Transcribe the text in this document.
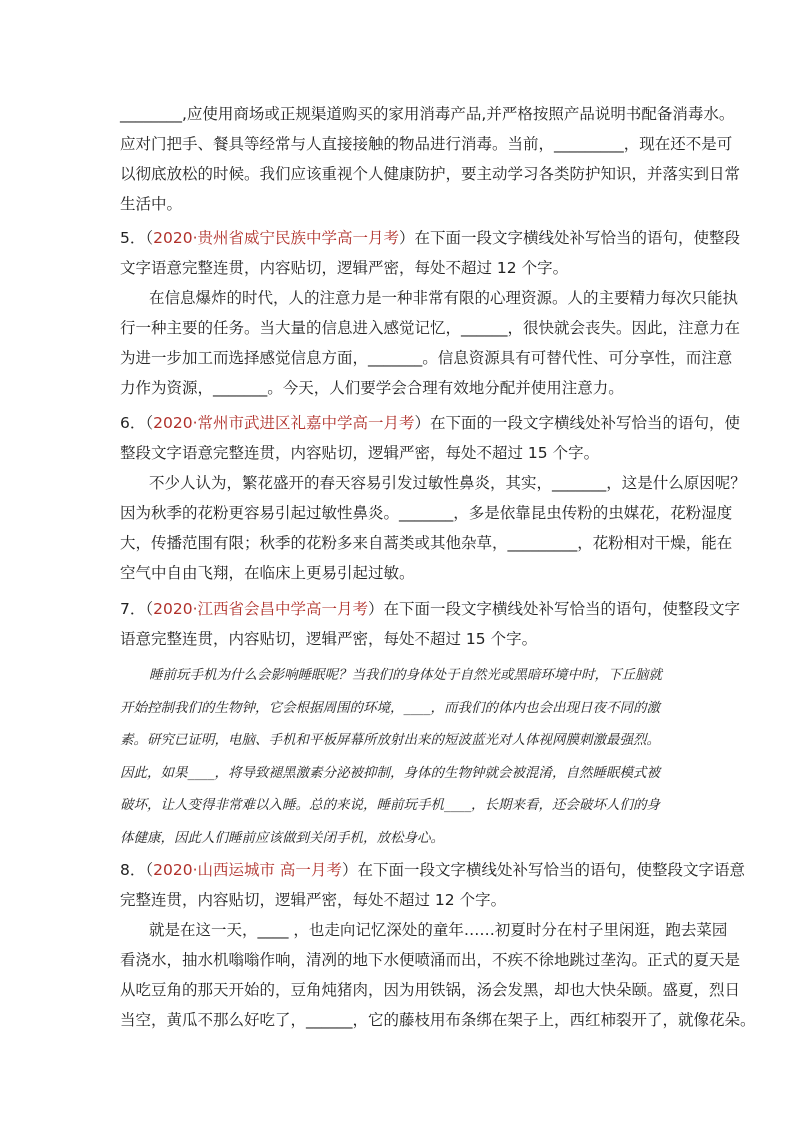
________,应使用商场或正规渠道购买的家用消毒产品,并严格按照产品说明书配备消毒水。
应对门把手、餐具等经常与人直接接触的物品进行消毒。当前，_________，现在还不是可
以彻底放松的时候。我们应该重视个人健康防护，要主动学习各类防护知识，并落实到日常
生活中。
5．（2020·贵州省威宁民族中学高一月考）在下面一段文字横线处补写恰当的语句，使整段
文字语意完整连贯，内容贴切，逻辑严密，每处不超过 12 个字。
在信息爆炸的时代，人的注意力是一种非常有限的心理资源。人的主要精力每次只能执
行一种主要的任务。当大量的信息进入感觉记忆，______，很快就会丧失。因此，注意力在
为进一步加工而选择感觉信息方面，_______。信息资源具有可替代性、可分享性，而注意
力作为资源，_______。今天，人们要学会合理有效地分配并使用注意力。
6．（2020·常州市武进区礼嘉中学高一月考）在下面的一段文字横线处补写恰当的语句，使
整段文字语意完整连贯，内容贴切，逻辑严密，每处不超过 15 个字。
不少人认为，繁花盛开的春天容易引发过敏性鼻炎，其实，_______，这是什么原因呢？
因为秋季的花粉更容易引起过敏性鼻炎。_______，多是依靠昆虫传粉的虫媒花，花粉湿度
大，传播范围有限；秋季的花粉多来自蒿类或其他杂草，_________，花粉相对干燥，能在
空气中自由飞翔，在临床上更易引起过敏。
7．（2020·江西省会昌中学高一月考）在下面一段文字横线处补写恰当的语句，使整段文字
语意完整连贯，内容贴切，逻辑严密，每处不超过 15 个字。
睡前玩手机为什么会影响睡眠呢？当我们的身体处于自然光或黑暗环境中时，下丘脑就
开始控制我们的生物钟，它会根据周围的环境，____，而我们的体内也会出现日夜不同的激
素。研究已证明，电脑、手机和平板屏幕所放射出来的短波蓝光对人体视网膜刺激最强烈。
因此，如果____，将导致褪黑激素分泌被抑制，身体的生物钟就会被混淆，自然睡眠模式被
破坏，让人变得非常难以入睡。总的来说，睡前玩手机____，长期来看，还会破坏人们的身
体健康，因此人们睡前应该做到关闭手机，放松身心。
8．（2020·山西运城市 高一月考）在下面一段文字横线处补写恰当的语句，使整段文字语意
完整连贯，内容贴切，逻辑严密，每处不超过 12 个字。
就是在这一天，____ ，也走向记忆深处的童年……初夏时分在村子里闲逛，跑去菜园
看浇水，抽水机嗡嗡作响，清冽的地下水便喷涌而出，不疾不徐地跳过垄沟。正式的夏天是
从吃豆角的那天开始的，豆角炖猪肉，因为用铁锅，汤会发黑，却也大快朵颐。盛夏，烈日
当空，黄瓜不那么好吃了，______，它的藤枝用布条绑在架子上，西红柿裂开了，就像花朵。
